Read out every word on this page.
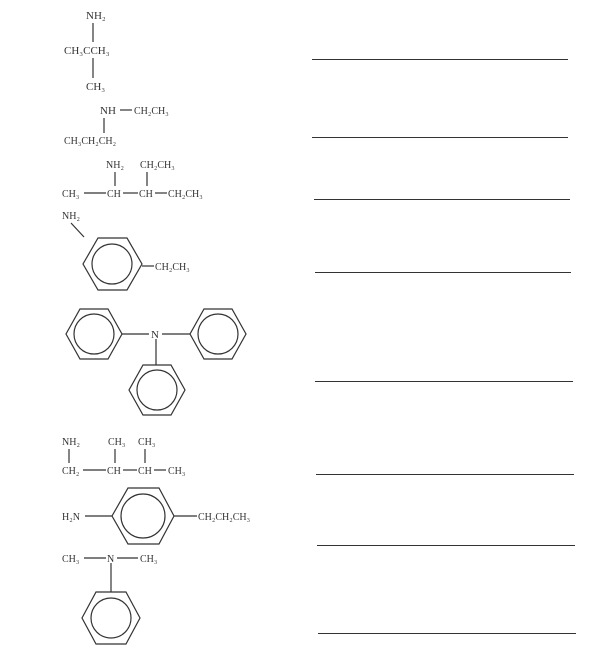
NH₂
CH₃CCH₃
CH₃
NH CH₂CH₃
CH₃CH₂CH₂
NH₂ CH₂CH₃
CH₃	CH CH CH₂CH₃
NH₂
CH₂CH₃
N
NH₂	CH₃ CH₃
CH₂	CH CH CH₃
H₂N	CH₂CH₂CH₃
CH₃	N	CH₃
